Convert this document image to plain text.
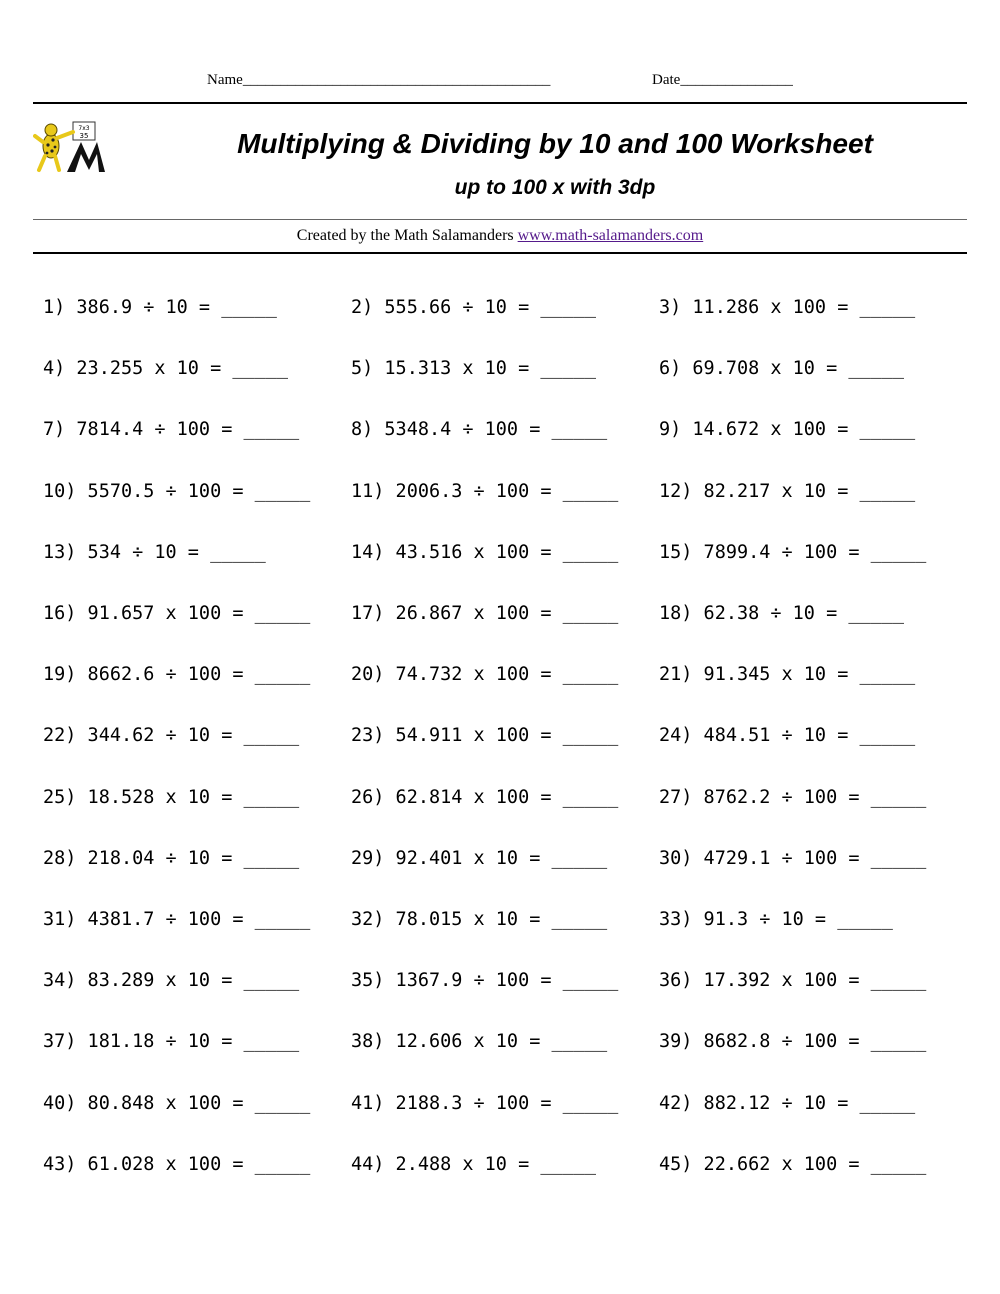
Name_________________________________________	Date_______________
7x3
35	Multiplying & Dividing by 10 and 100 Worksheet
up to 100 x with 3dp
Created by the Math Salamanders www.math-salamanders.com
1) 386.9 ÷ 10 = _____	2) 555.66 ÷ 10 = _____	3) 11.286 x 100 = _____
4) 23.255 x 10 = _____	5) 15.313 x 10 = _____	6) 69.708 x 10 = _____
7) 7814.4 ÷ 100 = _____	8) 5348.4 ÷ 100 = _____	9) 14.672 x 100 = _____
10) 5570.5 ÷ 100 = _____ 11) 2006.3 ÷ 100 = _____ 12) 82.217 x 10 = _____
13) 534 ÷ 10 = _____	14) 43.516 x 100 = _____ 15) 7899.4 ÷ 100 = _____
16) 91.657 x 100 = _____ 17) 26.867 x 100 = _____ 18) 62.38 ÷ 10 = _____
19) 8662.6 ÷ 100 = _____ 20) 74.732 x 100 = _____ 21) 91.345 x 10 = _____
22) 344.62 ÷ 10 = _____	23) 54.911 x 100 = _____ 24) 484.51 ÷ 10 = _____
25) 18.528 x 10 = _____	26) 62.814 x 100 = _____ 27) 8762.2 ÷ 100 = _____
28) 218.04 ÷ 10 = _____	29) 92.401 x 10 = _____	30) 4729.1 ÷ 100 = _____
31) 4381.7 ÷ 100 = _____ 32) 78.015 x 10 = _____	33) 91.3 ÷ 10 = _____
34) 83.289 x 10 = _____	35) 1367.9 ÷ 100 = _____ 36) 17.392 x 100 = _____
37) 181.18 ÷ 10 = _____	38) 12.606 x 10 = _____	39) 8682.8 ÷ 100 = _____
40) 80.848 x 100 = _____ 41) 2188.3 ÷ 100 = _____ 42) 882.12 ÷ 10 = _____
43) 61.028 x 100 = _____ 44) 2.488 x 10 = _____	45) 22.662 x 100 = _____
